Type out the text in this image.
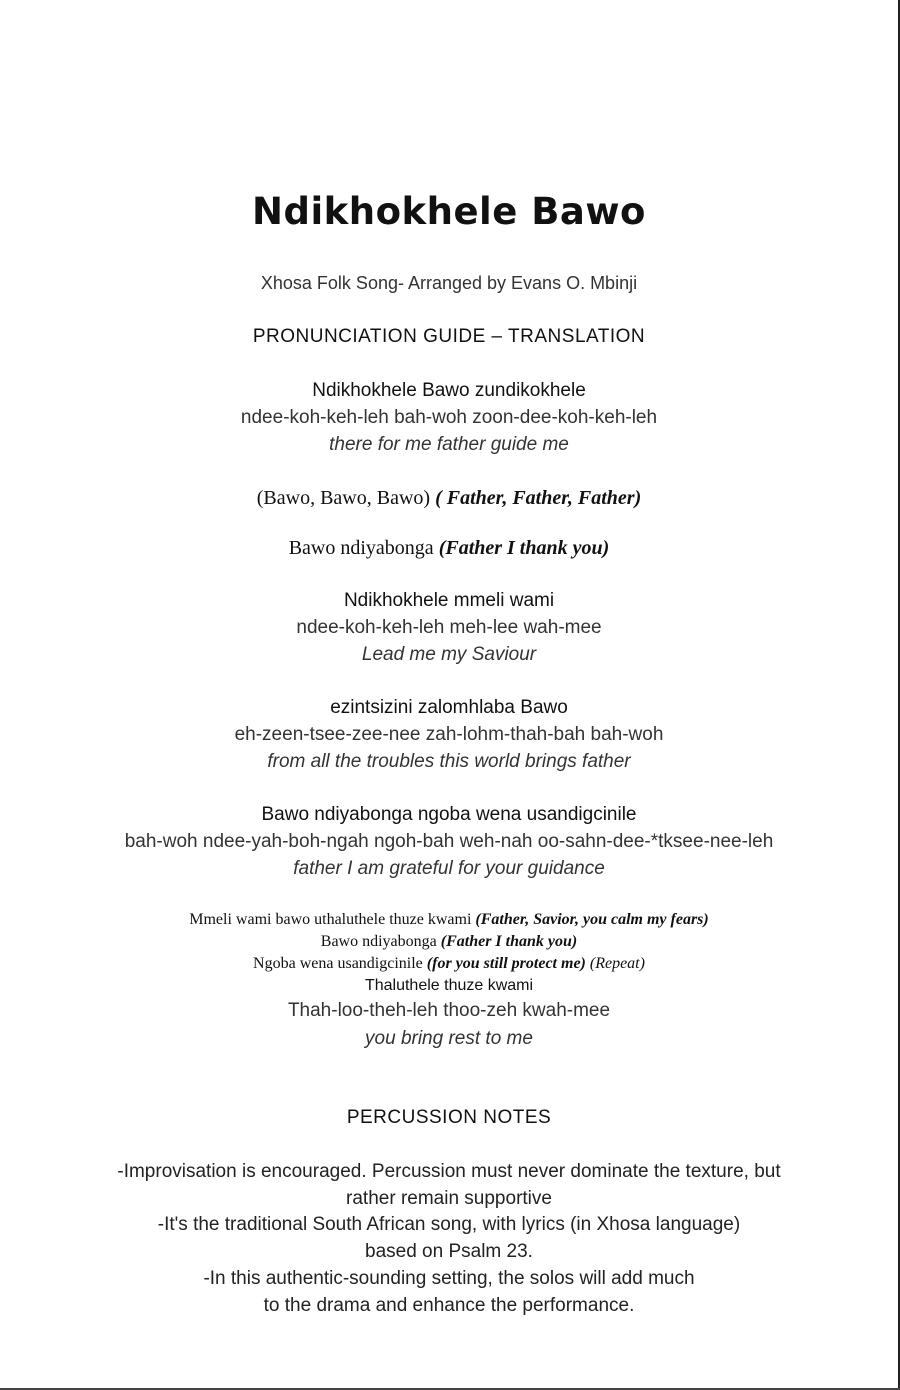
Ndikhokhele Bawo
Xhosa Folk Song- Arranged by Evans O. Mbinji
PRONUNCIATION GUIDE – TRANSLATION
Ndikhokhele Bawo zundikokhele
ndee-koh-keh-leh bah-woh zoon-dee-koh-keh-leh
there for me father guide me
(Bawo, Bawo, Bawo) ( Father, Father, Father)
Bawo ndiyabonga (Father I thank you)
Ndikhokhele mmeli wami
ndee-koh-keh-leh meh-lee wah-mee
Lead me my Saviour
ezintsizini zalomhlaba Bawo
eh-zeen-tsee-zee-nee zah-lohm-thah-bah bah-woh
from all the troubles this world brings father
Bawo ndiyabonga ngoba wena usandigcinile
bah-woh ndee-yah-boh-ngah ngoh-bah weh-nah oo-sahn-dee-*tksee-nee-leh
father I am grateful for your guidance
Mmeli wami bawo uthaluthele thuze kwami (Father, Savior, you calm my fears)
Bawo ndiyabonga (Father I thank you)
Ngoba wena usandigcinile (for you still protect me) (Repeat)
Thaluthele thuze kwami
Thah-loo-theh-leh thoo-zeh kwah-mee
you bring rest to me
PERCUSSION NOTES
-Improvisation is encouraged. Percussion must never dominate the texture, but
rather remain supportive
-It's the traditional South African song, with lyrics (in Xhosa language)
based on Psalm 23.
-In this authentic-sounding setting, the solos will add much
to the drama and enhance the performance.
